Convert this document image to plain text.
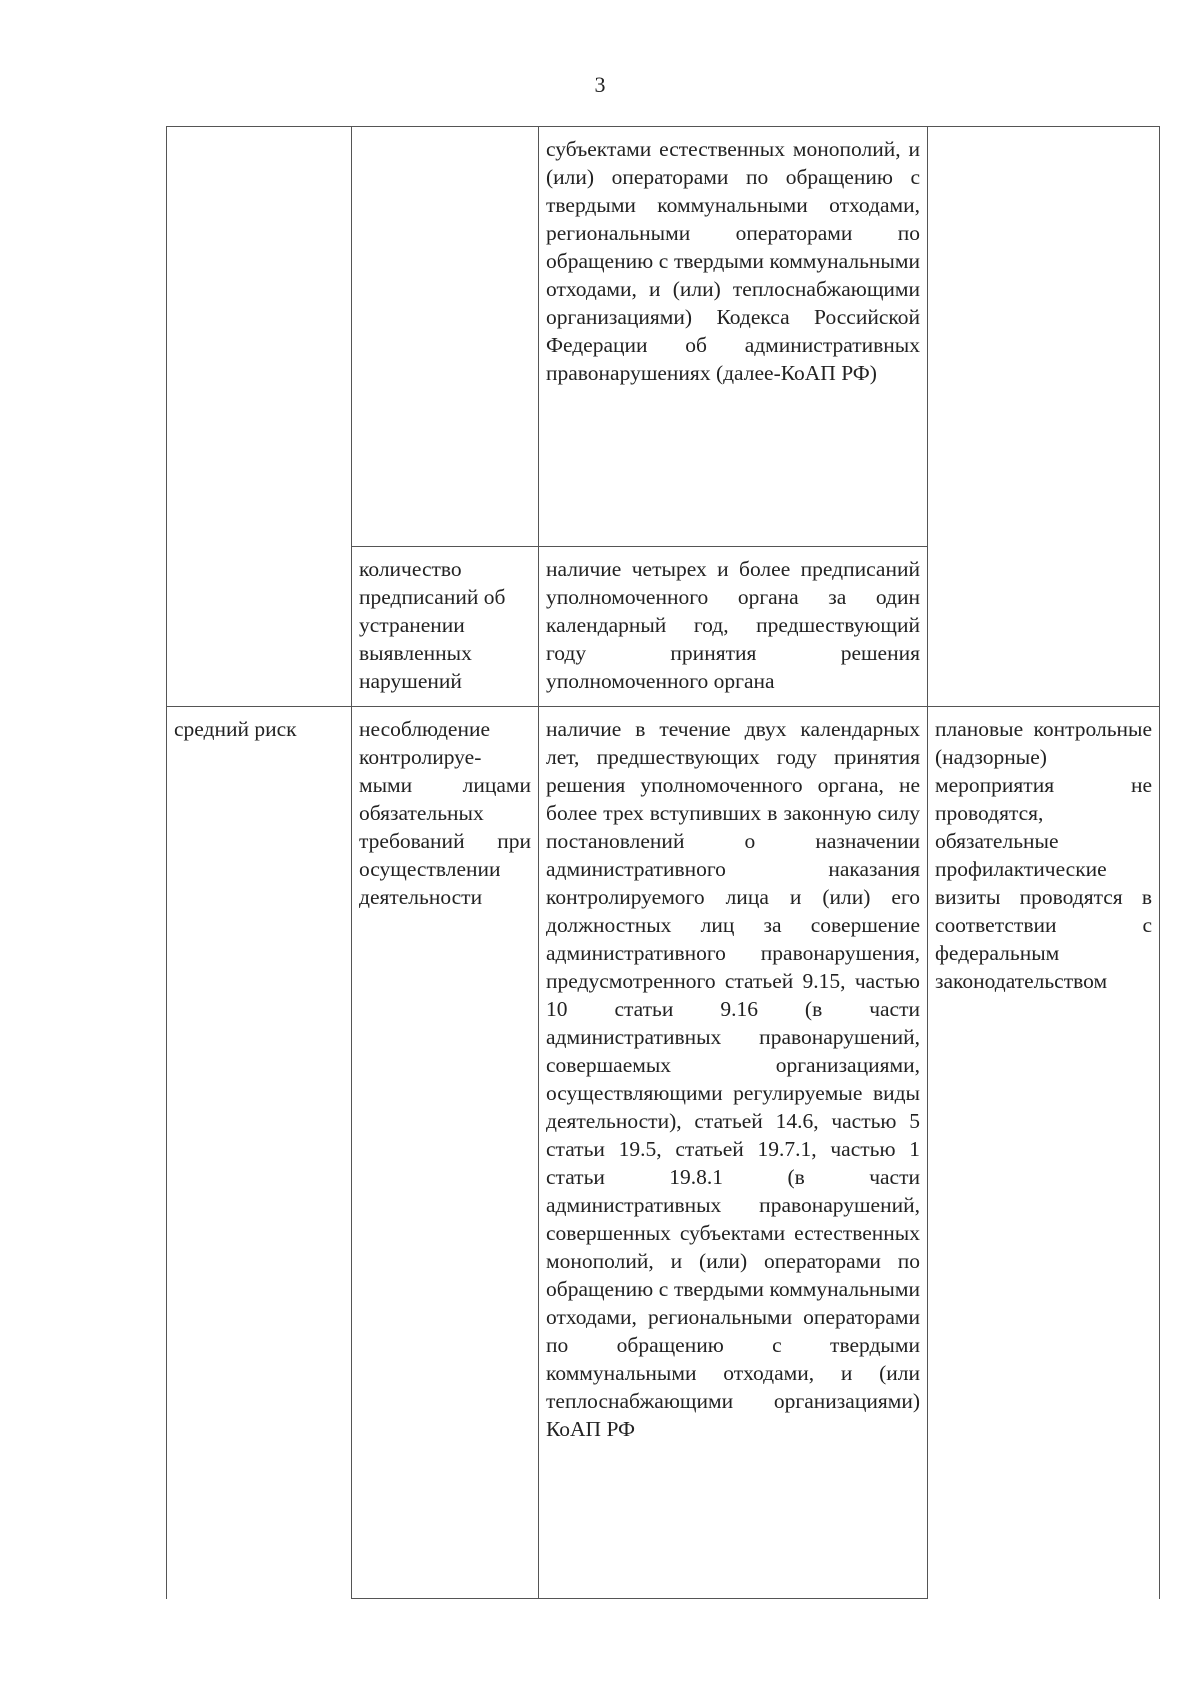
3
		субъектами естественных монополий, и (или) операторами по обращению с твердыми коммунальными отходами, региональными операторами по обращению с твердыми коммунальными отходами, и (или) теплоснабжающими организациями) Кодекса Российской Федерации об административных правонарушениях (далее-КоАП РФ)	
	количество предписаний об устранении выявленных нарушений	наличие четырех и более предписаний уполномоченного органа за один календарный год, предшествующий году принятия решения уполномоченного органа	
средний риск	несоблюдение контролируе-мыми лицами обязательных требований при осуществлении деятельности	наличие в течение двух календарных лет, предшествующих году принятия решения уполномоченного органа, не более трех вступивших в законную силу постановлений о назначении административного наказания контролируемого лица и (или) его должностных лиц за совершение административного правонарушения, предусмотренного статьей 9.15, частью 10 статьи 9.16 (в части административных правонарушений, совершаемых организациями, осуществляющими регулируемые виды деятельности), статьей 14.6, частью 5 статьи 19.5, статьей 19.7.1, частью 1 статьи 19.8.1 (в части административных правонарушений, совершенных субъектами естественных монополий, и (или) операторами по обращению с твердыми коммунальными отходами, региональными операторами по обращению с твердыми коммунальными отходами, и (или теплоснабжающими организациями) КоАП РФ	плановые контрольные (надзорные) мероприятия не проводятся, обязательные профилактические визиты проводятся в соответствии с федеральным законодательством
